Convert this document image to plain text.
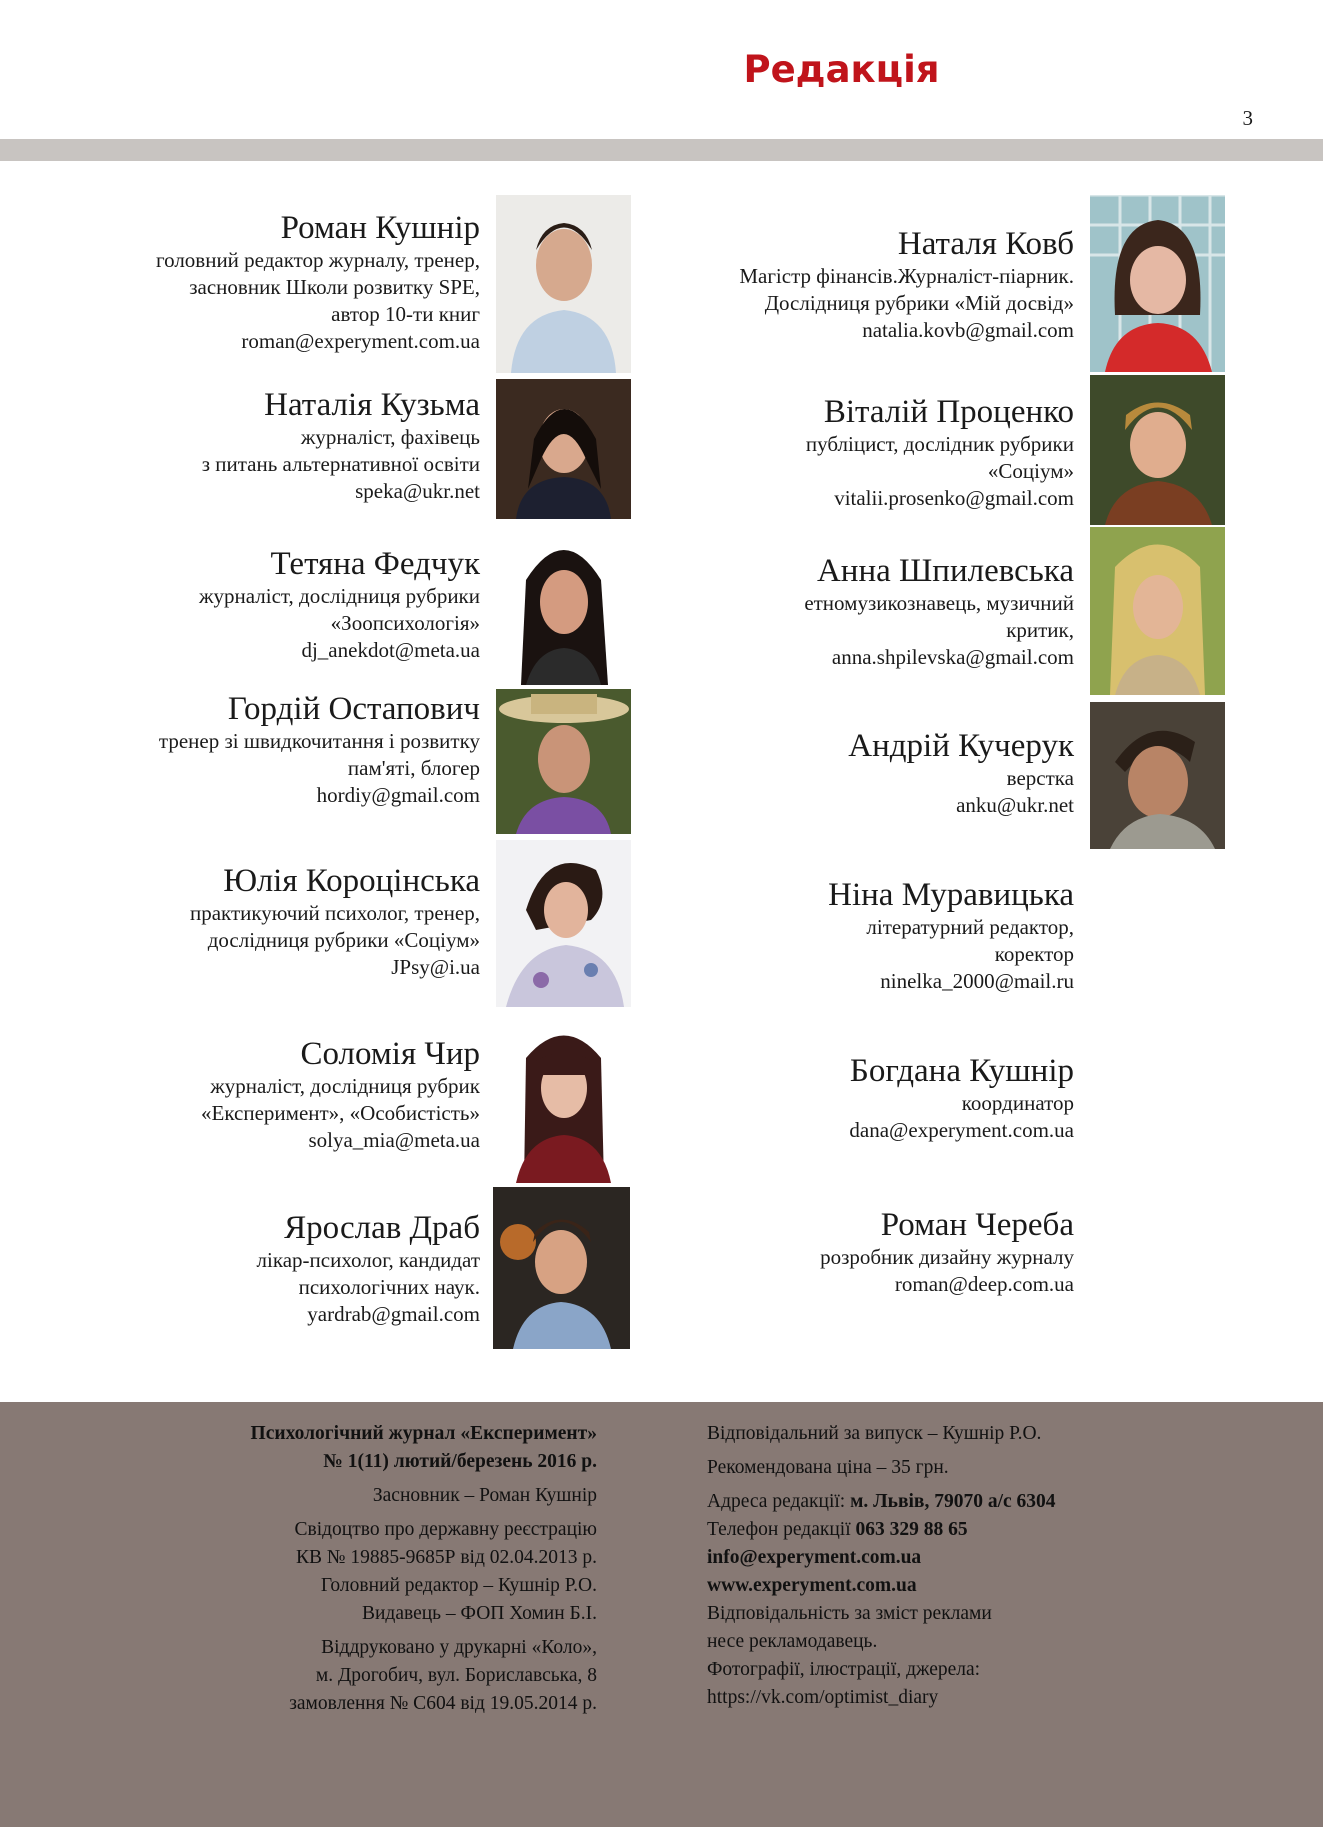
Редакція
3
Роман Кушнір
головний редактор журналу, тренер,
засновник Школи розвитку SPE,
автор 10-ти книг
roman@experyment.com.ua
Наталія Кузьма
журналіст, фахівець
з питань альтернативної освіти
speka@ukr.net
Тетяна Федчук
журналіст, дослідниця рубрики
«Зоопсихологія»
dj_anekdot@meta.ua
Гордій Остапович
тренер зі швидкочитання і розвитку
пам'яті, блогер
hordiy@gmail.com
Юлія Короцінська
практикуючий психолог, тренер,
дослідниця рубрики «Соціум»
JPsy@i.ua
Соломія Чир
журналіст, дослідниця рубрик
«Експеримент», «Особистість»
solya_mia@meta.ua
Ярослав Драб
лікар-психолог, кандидат
психологічних наук.
yardrab@gmail.com
Наталя Ковб
Магістр фінансів.Журналіст-піарник.
Дослідниця рубрики «Мій досвід»
natalia.kovb@gmail.com
Віталій Проценко
публіцист, дослідник рубрики
«Соціум»
vitalii.prosenko@gmail.com
Анна Шпилевська
етномузикознавець, музичний
критик,
anna.shpilevska@gmail.com
Андрій Кучерук
верстка
anku@ukr.net
Ніна Муравицька
літературний редактор,
коректор
ninelka_2000@mail.ru
Богдана Кушнір
координатор
dana@experyment.com.ua
Роман Череба
розробник дизайну журналу
roman@deep.com.ua
Психологічний журнал «Експеримент»
№ 1(11) лютий/березень 2016 р.
Засновник – Роман Кушнір
Свідоцтво про державну реєстрацію
КВ № 19885-9685Р від 02.04.2013 р.
Головний редактор – Кушнір Р.О.
Видавець – ФОП Хомин Б.І.
Віддруковано у друкарні «Коло»,
м. Дрогобич, вул. Бориславська, 8
замовлення № С604 від 19.05.2014 р.
Відповідальний за випуск – Кушнір Р.О.
Рекомендована ціна – 35 грн.
Адреса редакції: м. Львів, 79070 а/с 6304
Телефон редакції 063 329 88 65
info@experyment.com.ua
www.experyment.com.ua
Відповідальність за зміст реклами
несе рекламодавець.
Фотографії, ілюстрації, джерела:
https://vk.com/optimist_diary
